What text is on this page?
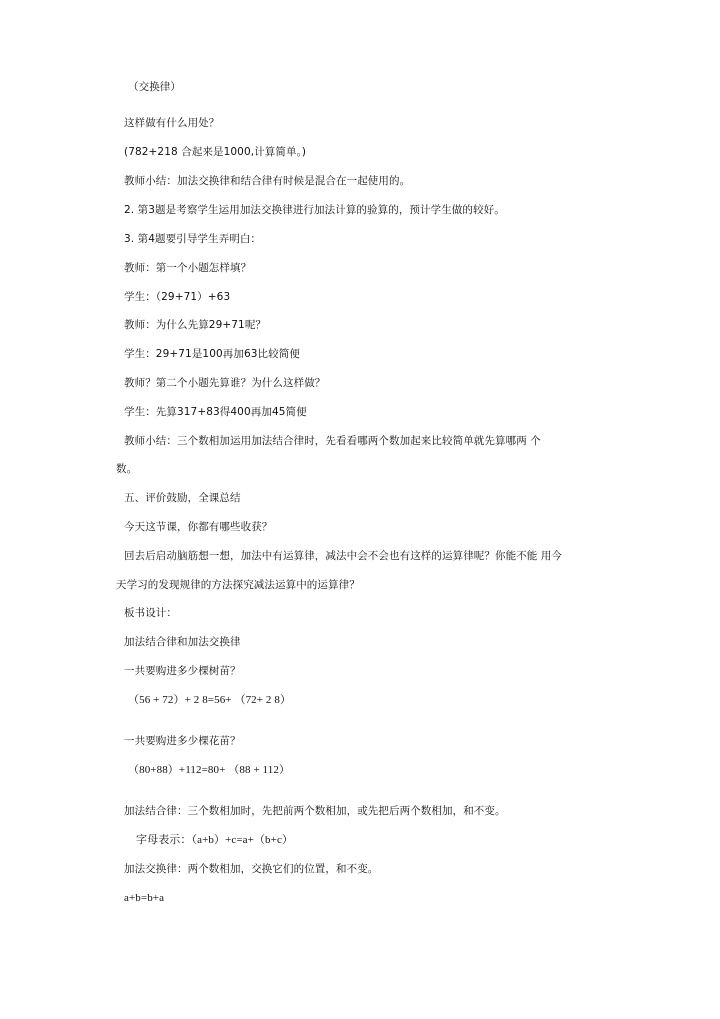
（交换律）
这样做有什么用处？
(782+218 合起来是1000,计算简单。)
教师小结：加法交换律和结合律有时候是混合在一起使用的。
2. 第3题是考察学生运用加法交换律进行加法计算的验算的，预计学生做的较好。
3. 第4题要引导学生弄明白：
教师：第一个小题怎样填？
学生：（29+71）+63
教师：为什么先算29+71呢？
学生：29+71是100再加63比较简便
教师？第二个小题先算谁？为什么这样做？
学生：先算317+83得400再加45简便
教师小结：三个数相加运用加法结合律时，先看看哪两个数加起来比较简单就先算哪两 个
数。
五、评价鼓励，全课总结
今天这节课，你都有哪些收获？
回去后启动脑筋想一想，加法中有运算律，减法中会不会也有这样的运算律呢？你能不能 用今
天学习的发现规律的方法探究减法运算中的运算律？
板书设计：
加法结合律和加法交换律
一共要购进多少棵树苗？
（56 + 72）+ 2 8=56+ （72+ 2 8）
一共要购进多少棵花苗？
（80+88）+112=80+ （88 + 112）
加法结合律：三个数相加时，先把前两个数相加，或先把后两个数相加，和不变。
字母表示：（a+b）+c=a+（b+c）
加法交换律：两个数相加，交换它们的位置，和不变。
a+b=b+a
